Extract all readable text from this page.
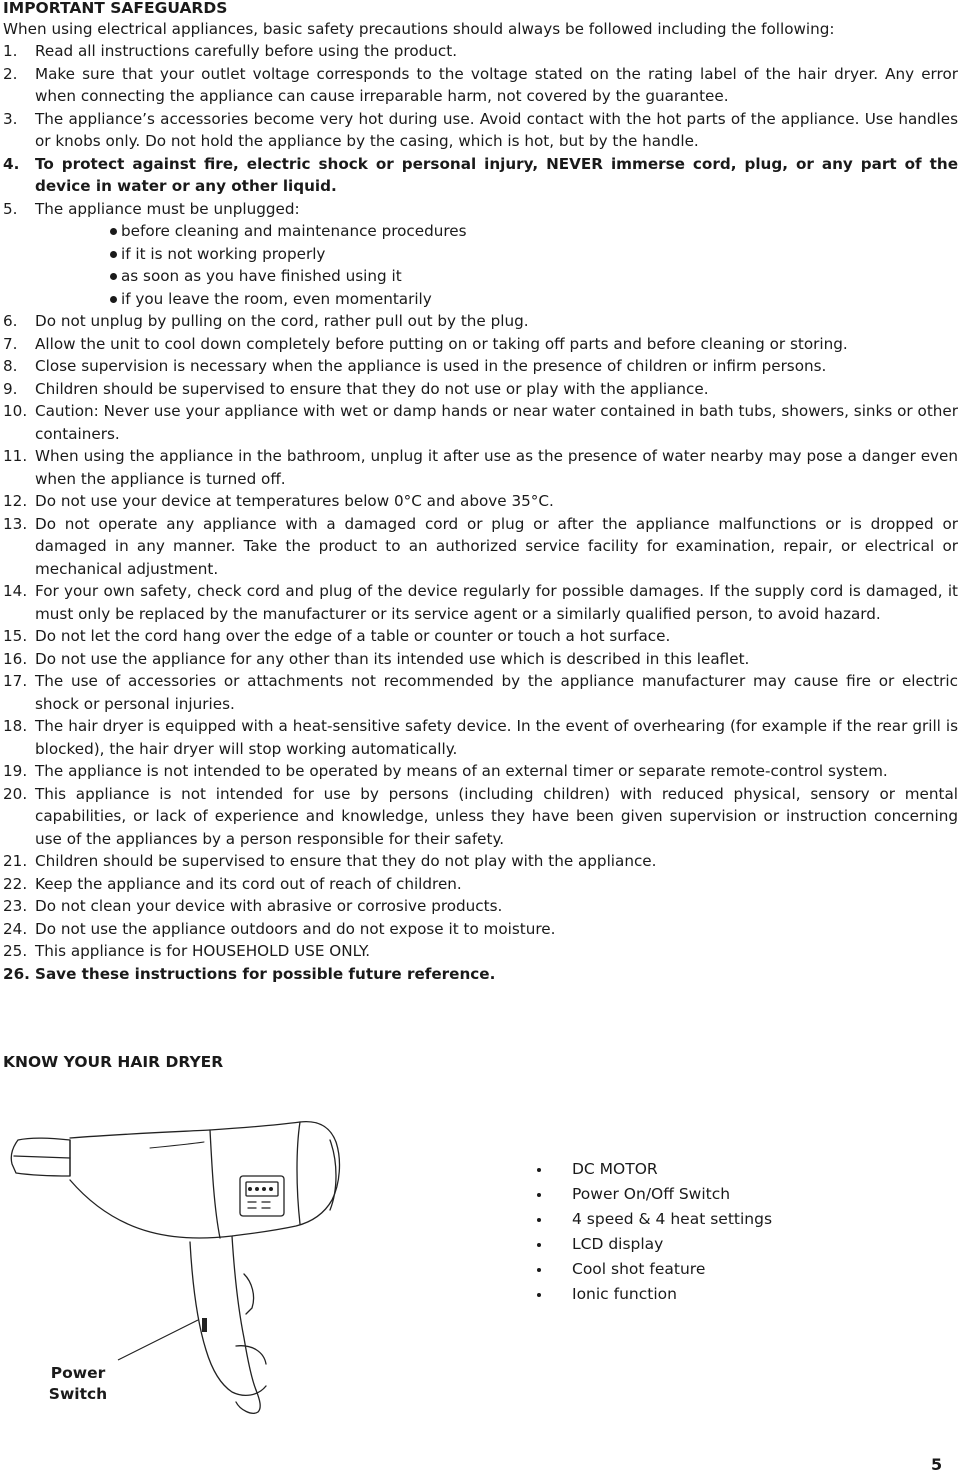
IMPORTANT SAFEGUARDS

When using electrical appliances, basic safety precautions should always be followed including the following:

1.	Read all instructions carefully before using the product.
2.	Make sure that your outlet voltage corresponds to the voltage stated on the rating label of the hair dryer. Any error when connecting the appliance can cause irreparable harm, not covered by the guarantee.
3.	The appliance’s accessories become very hot during use. Avoid contact with the hot parts of the appliance. Use handles or knobs only. Do not hold the appliance by the casing, which is hot, but by the handle.
4.	To protect against fire, electric shock or personal injury, NEVER immerse cord, plug, or any part of the device in water or any other liquid.
5.	The appliance must be unplugged:
before cleaning and maintenance procedures
if it is not working properly
as soon as you have finished using it
if you leave the room, even momentarily
6.	Do not unplug by pulling on the cord, rather pull out by the plug.
7.	Allow the unit to cool down completely before putting on or taking off parts and before cleaning or storing.
8.	Close supervision is necessary when the appliance is used in the presence of children or infirm persons.
9.	Children should be supervised to ensure that they do not use or play with the appliance.
10. Caution: Never use your appliance with wet or damp hands or near water contained in bath tubs, showers, sinks or other containers.
11. When using the appliance in the bathroom, unplug it after use as the presence of water nearby may pose a danger even when the appliance is turned off.
12. Do not use your device at temperatures below 0°C and above 35°C.
13. Do not operate any appliance with a damaged cord or plug or after the appliance malfunctions or is dropped or damaged in any manner. Take the product to an authorized service facility for examination, repair, or electrical or mechanical adjustment.
14. For your own safety, check cord and plug of the device regularly for possible damages. If the supply cord is damaged, it must only be replaced by the manufacturer or its service agent or a similarly qualified person, to avoid hazard.
15. Do not let the cord hang over the edge of a table or counter or touch a hot surface.
16. Do not use the appliance for any other than its intended use which is described in this leaflet.
17. The use of accessories or attachments not recommended by the appliance manufacturer may cause fire or electric shock or personal injuries.
18. The hair dryer is equipped with a heat-sensitive safety device. In the event of overhearing (for example if the rear grill is blocked), the hair dryer will stop working automatically.
19. The appliance is not intended to be operated by means of an external timer or separate remote-control system.
20. This appliance is not intended for use by persons (including children) with reduced physical, sensory or mental capabilities, or lack of experience and knowledge, unless they have been given supervision or instruction concerning use of the appliances by a person responsible for their safety.
21. Children should be supervised to ensure that they do not play with the appliance.
22. Keep the appliance and its cord out of reach of children.
23. Do not clean your device with abrasive or corrosive products.
24. Do not use the appliance outdoors and do not expose it to moisture.
25. This appliance is for HOUSEHOLD USE ONLY.
26. Save these instructions for possible future reference.
KNOW YOUR HAIR DRYER
Power
Switch
DC MOTOR
Power On/Off Switch
4 speed & 4 heat settings
LCD display
Cool shot feature
Ionic function
5
